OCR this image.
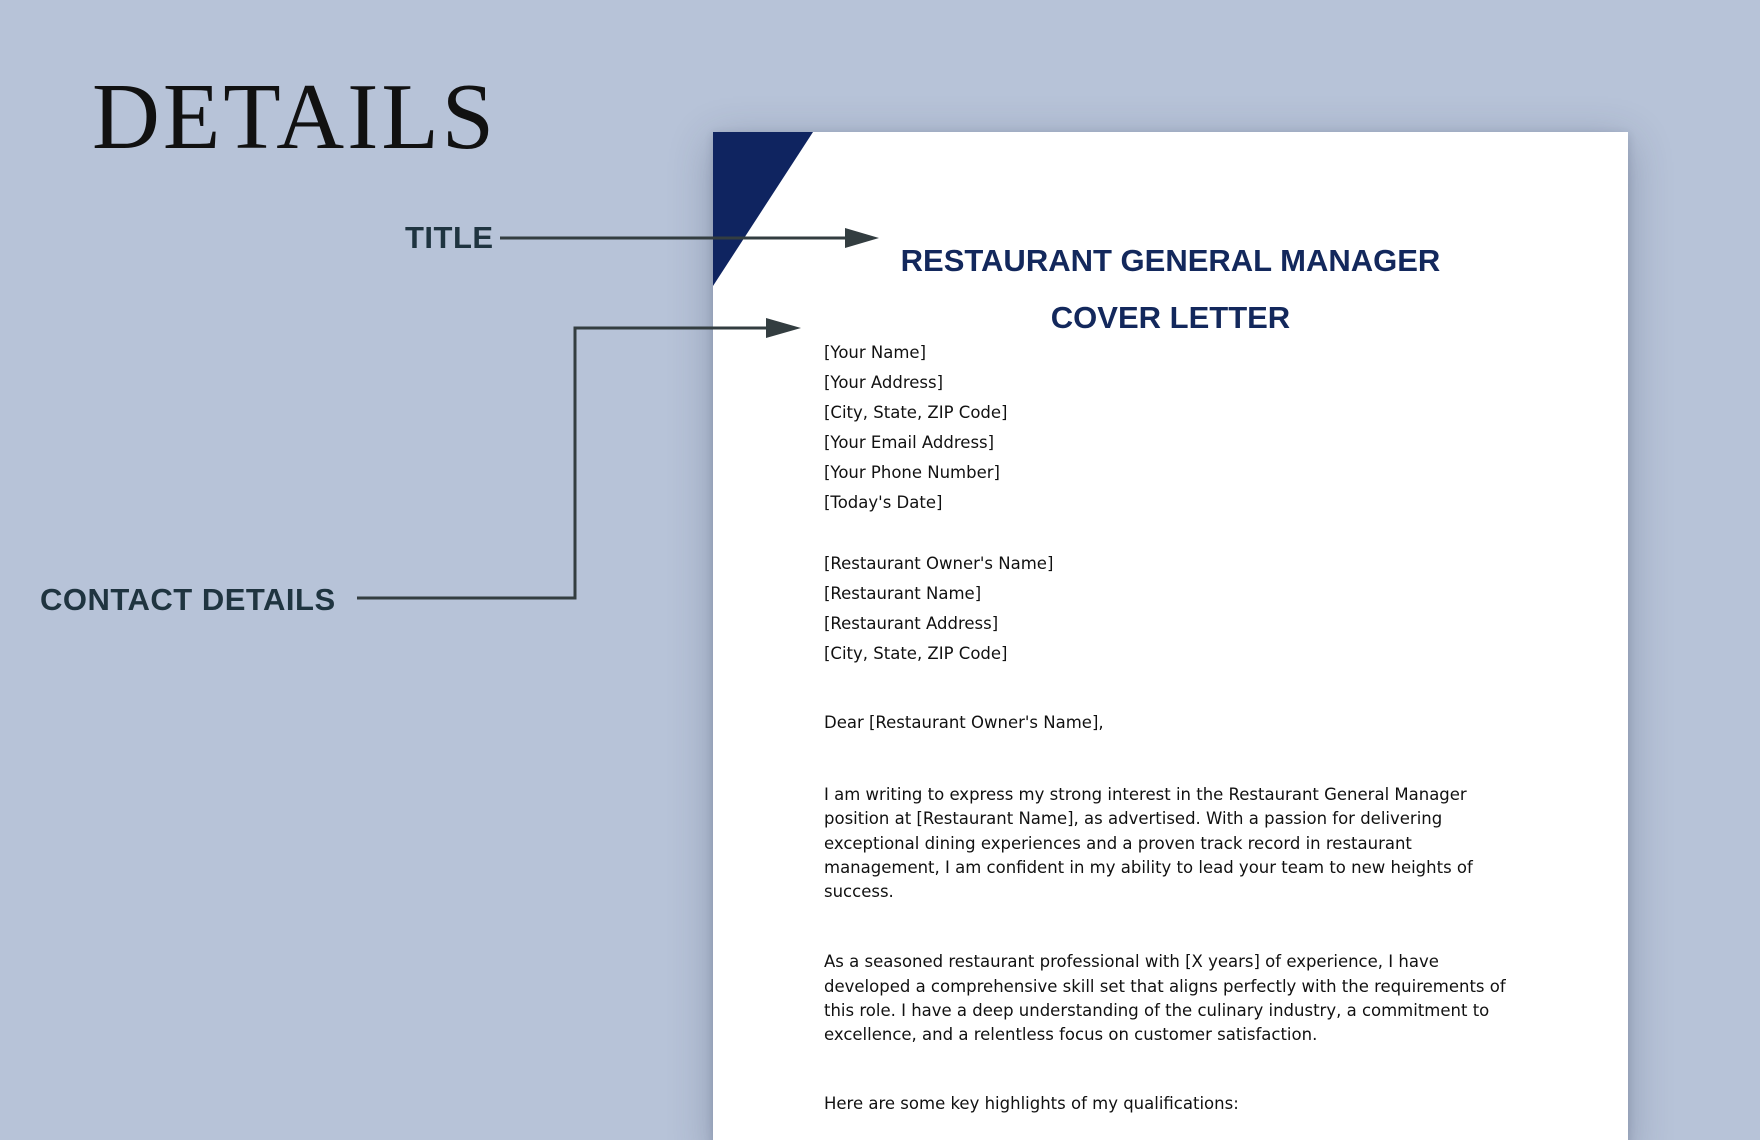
DETAILS
TITLE
CONTACT DETAILS
RESTAURANT GENERAL MANAGER
COVER LETTER
[Your Name]
[Your Address]
[City, State, ZIP Code]
[Your Email Address]
[Your Phone Number]
[Today's Date]
[Restaurant Owner's Name]
[Restaurant Name]
[Restaurant Address]
[City, State, ZIP Code]
Dear [Restaurant Owner's Name],
I am writing to express my strong interest in the Restaurant General Manager position at [Restaurant Name], as advertised. With a passion for delivering exceptional dining experiences and a proven track record in restaurant management, I am confident in my ability to lead your team to new heights of success.
As a seasoned restaurant professional with [X years] of experience, I have developed a comprehensive skill set that aligns perfectly with the requirements of this role. I have a deep understanding of the culinary industry, a commitment to excellence, and a relentless focus on customer satisfaction.
Here are some key highlights of my qualifications:
